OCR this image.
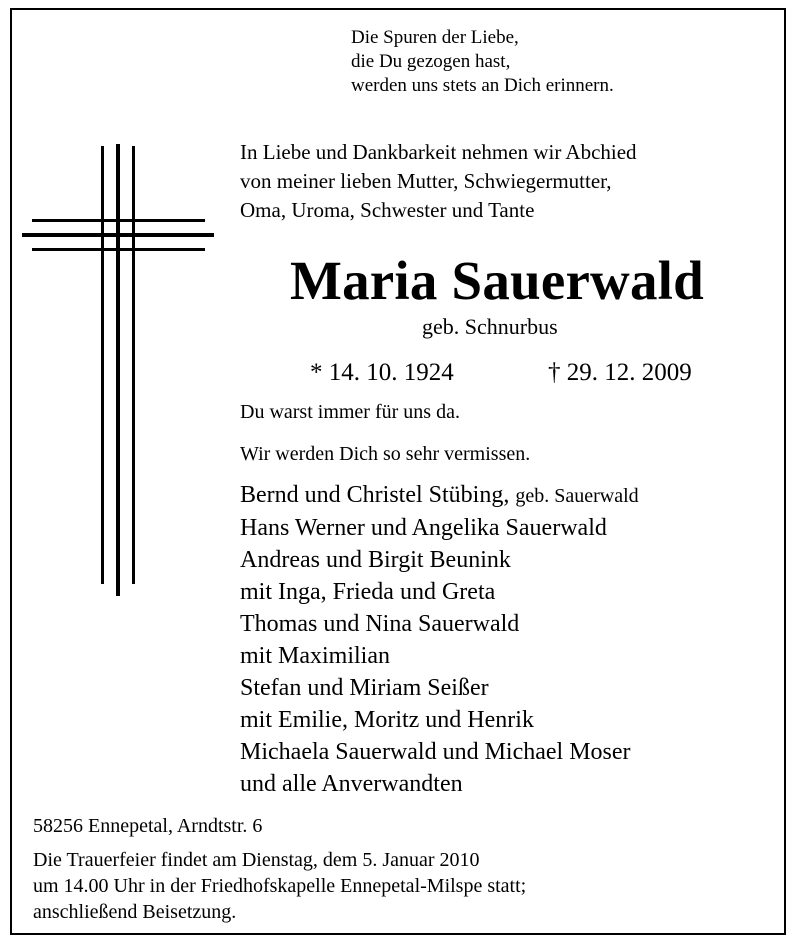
Die Spuren der Liebe,
die Du gezogen hast,
werden uns stets an Dich erinnern.
In Liebe und Dankbarkeit nehmen wir Abchied
von meiner lieben Mutter, Schwiegermutter,
Oma, Uroma, Schwester und Tante
Maria Sauerwald
geb. Schnurbus
* 14. 10. 1924	† 29. 12. 2009
Du warst immer für uns da.
Wir werden Dich so sehr vermissen.
Bernd und Christel Stübing, geb. Sauerwald
Hans Werner und Angelika Sauerwald
Andreas und Birgit Beunink
mit Inga, Frieda und Greta
Thomas und Nina Sauerwald
mit Maximilian
Stefan und Miriam Seißer
mit Emilie, Moritz und Henrik
Michaela Sauerwald und Michael Moser
und alle Anverwandten
58256 Ennepetal, Arndtstr. 6
Die Trauerfeier findet am Dienstag, dem 5. Januar 2010
um 14.00 Uhr in der Friedhofskapelle Ennepetal-Milspe statt;
anschließend Beisetzung.
